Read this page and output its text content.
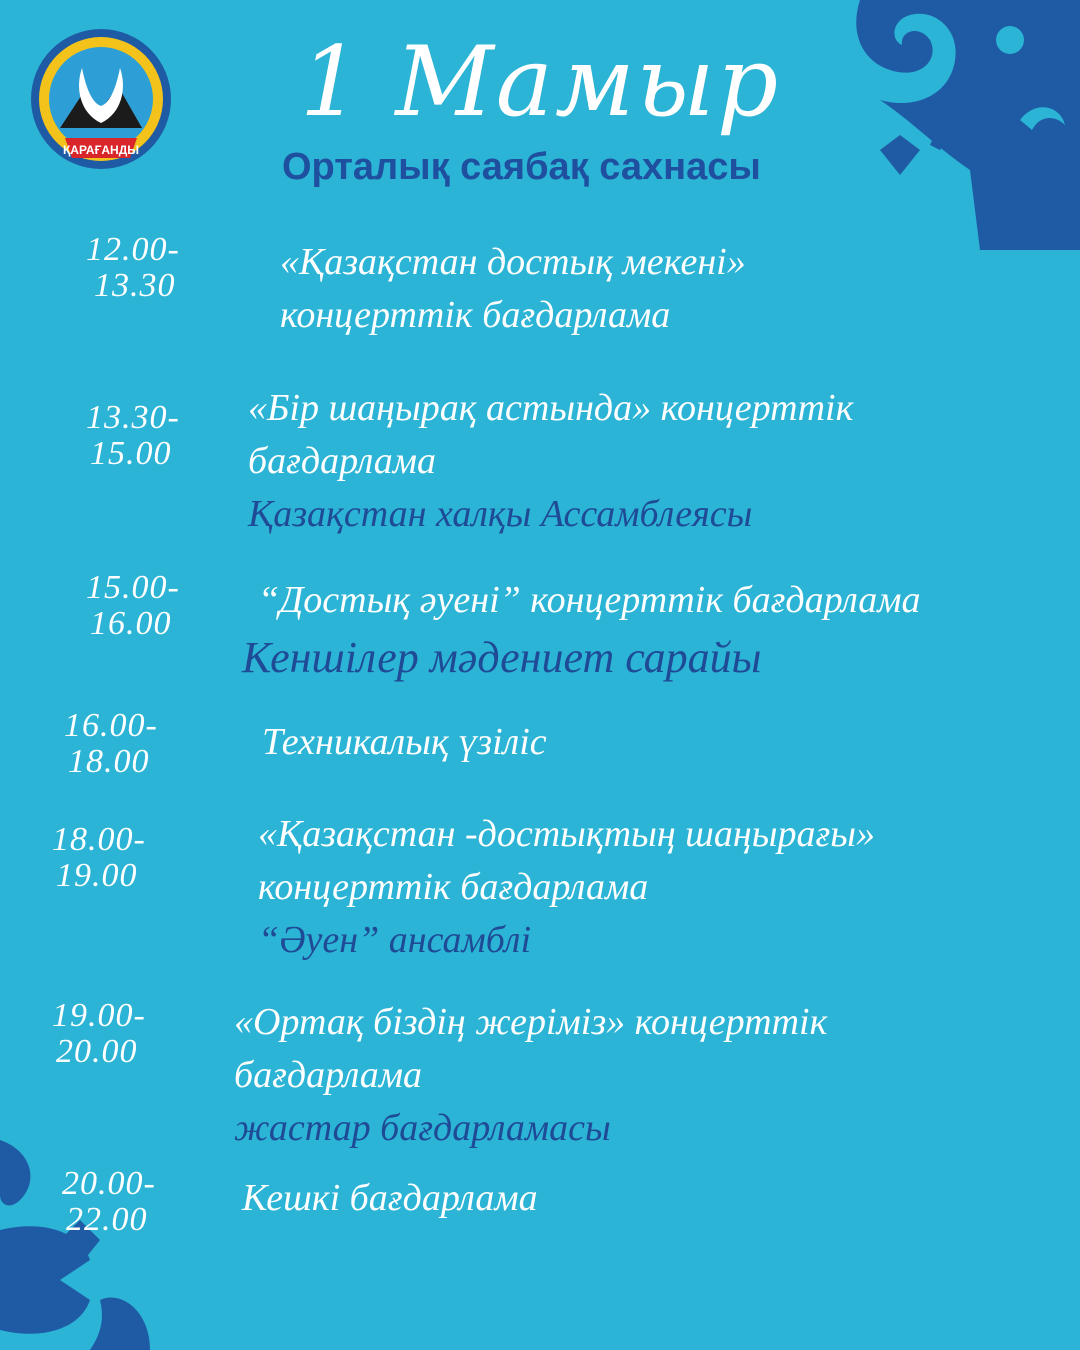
ҚАРАҒАНДЫ
1 Мамыр
Орталық саябақ сахнасы
12.00-
13.30
«Қазақстан достық мекені»
концерттік бағдарлама
13.30-
15.00
«Бір шаңырақ астында» концерттік
бағдарлама
Қазақстан халқы Ассамблеясы
15.00-
16.00
“Достық әуені” концерттік бағдарлама
Кеншілер мәдениет сарайы
16.00-
18.00	Техникалық үзіліс
18.00-
19.00
«Қазақстан -достықтың шаңырағы»
концерттік бағдарлама
“Әуен” ансамблі
19.00-
20.00
«Ортақ біздің жеріміз» концерттік
бағдарлама
жастар бағдарламасы
20.00-
22.00
Кешкі бағдарлама
